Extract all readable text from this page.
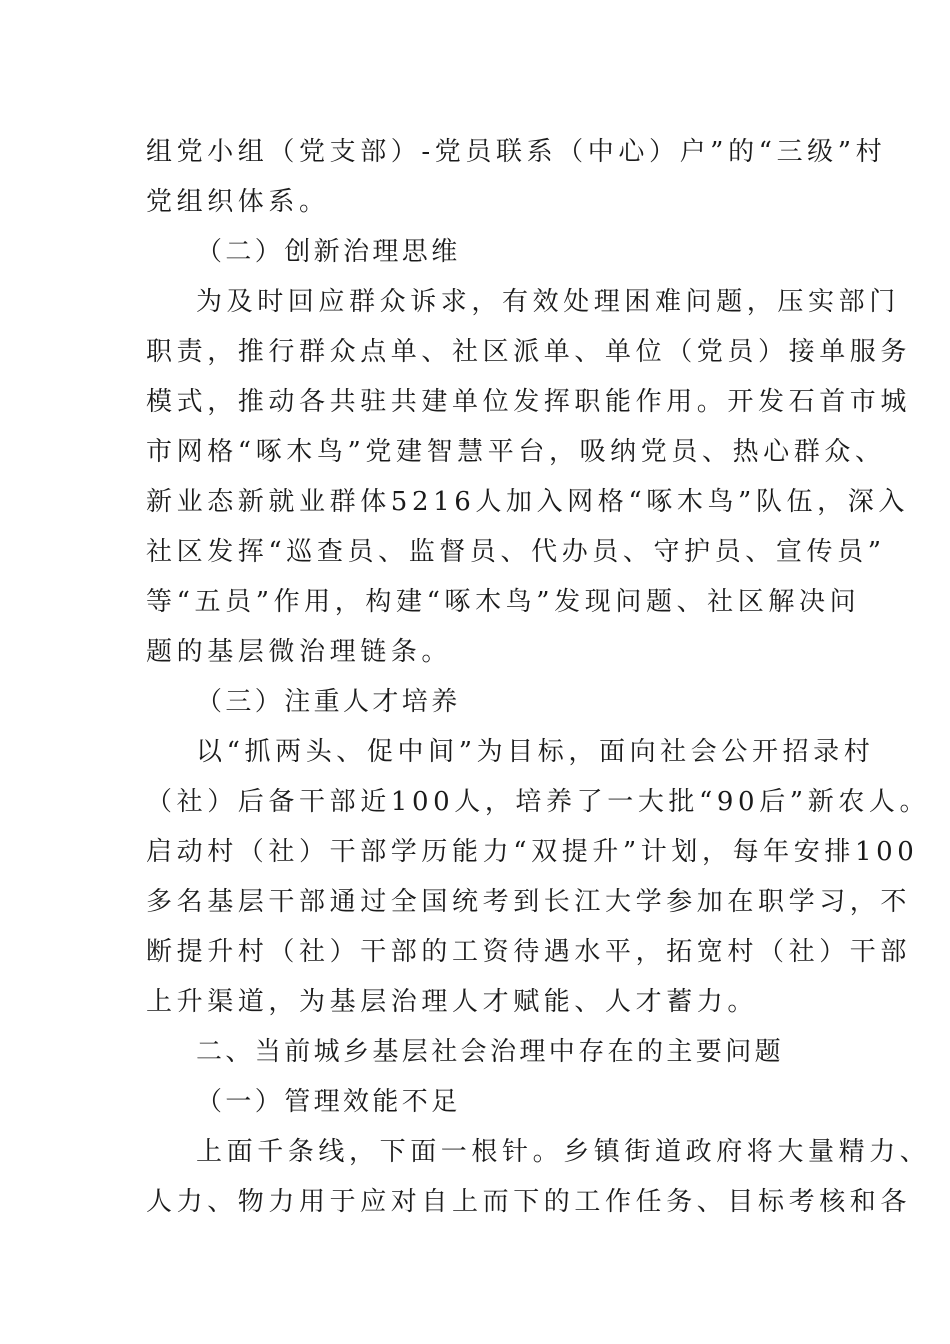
组党小组（党支部）-党员联系（中心）户”的“三级”村
党组织体系。
（二）创新治理思维
为及时回应群众诉求，有效处理困难问题，压实部门
职责，推行群众点单、社区派单、单位（党员）接单服务
模式，推动各共驻共建单位发挥职能作用。开发石首市城
市网格“啄木鸟”党建智慧平台，吸纳党员、热心群众、
新业态新就业群体5216人加入网格“啄木鸟”队伍，深入
社区发挥“巡查员、监督员、代办员、守护员、宣传员”
等“五员”作用，构建“啄木鸟”发现问题、社区解决问
题的基层微治理链条。
（三）注重人才培养
以“抓两头、促中间”为目标，面向社会公开招录村
（社）后备干部近100人，培养了一大批“90后”新农人。
启动村（社）干部学历能力“双提升”计划，每年安排100
多名基层干部通过全国统考到长江大学参加在职学习，不
断提升村（社）干部的工资待遇水平，拓宽村（社）干部
上升渠道，为基层治理人才赋能、人才蓄力。
二、当前城乡基层社会治理中存在的主要问题
（一）管理效能不足
上面千条线，下面一根针。乡镇街道政府将大量精力、
人力、物力用于应对自上而下的工作任务、目标考核和各
